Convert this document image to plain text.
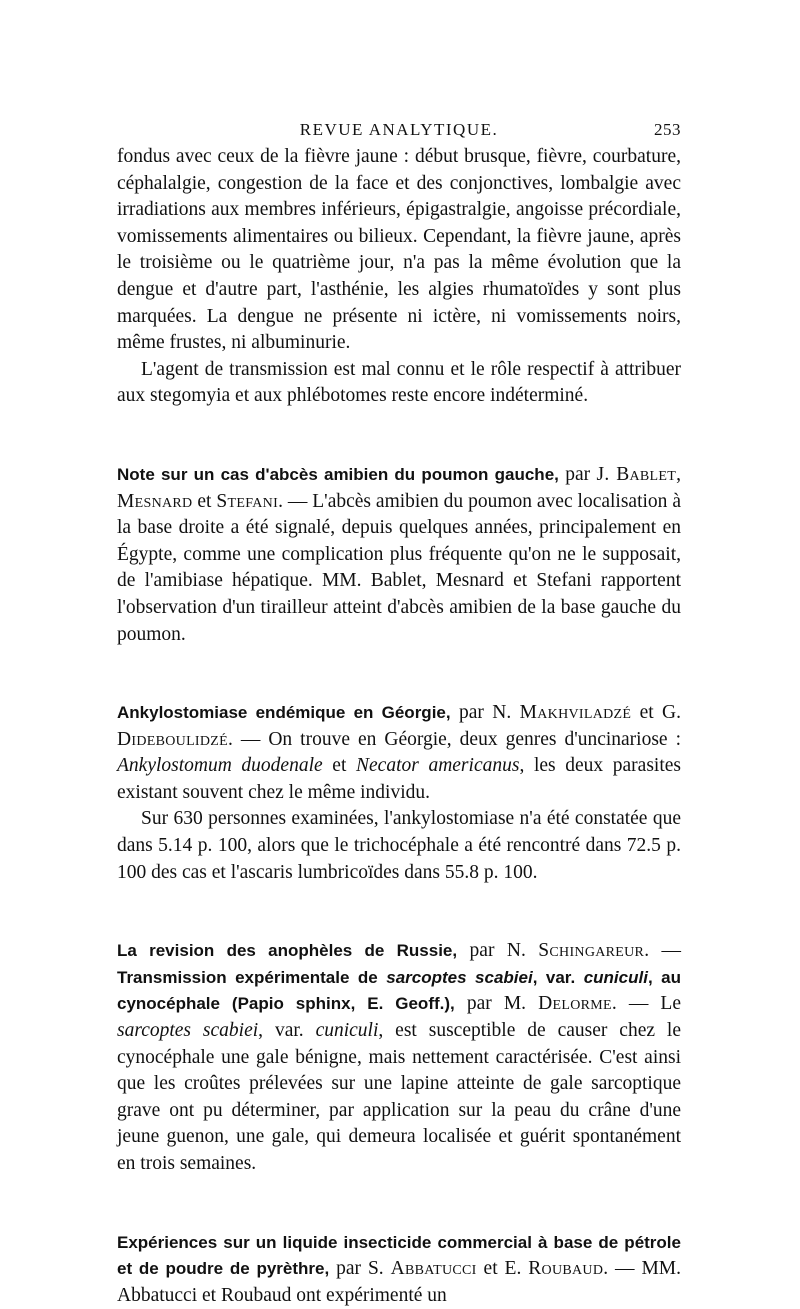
REVUE ANALYTIQUE.	253

fondus avec ceux de la fièvre jaune : début brusque, fièvre, courbature, céphalalgie, congestion de la face et des conjonctives, lombalgie avec irradiations aux membres inférieurs, épigastralgie, angoisse précordiale, vomissements alimentaires ou bilieux. Cependant, la fièvre jaune, après le troisième ou le quatrième jour, n'a pas la même évolution que la dengue et d'autre part, l'asthénie, les algies rhumatoïdes y sont plus marquées. La dengue ne présente ni ictère, ni vomissements noirs, même frustes, ni albuminurie.

L'agent de transmission est mal connu et le rôle respectif à attribuer aux stegomyia et aux phlébotomes reste encore indéterminé.

Note sur un cas d'abcès amibien du poumon gauche, par J. Bablet, Mesnard et Stefani. — L'abcès amibien du poumon avec localisation à la base droite a été signalé, depuis quelques années, principalement en Égypte, comme une complication plus fréquente qu'on ne le supposait, de l'amibiase hépatique. MM. Bablet, Mesnard et Stefani rapportent l'observation d'un tirailleur atteint d'abcès amibien de la base gauche du poumon.

Ankylostomiase endémique en Géorgie, par N. Makhviladzé et G. Dideboulidzé. — On trouve en Géorgie, deux genres d'uncinariose : Ankylostomum duodenale et Necator americanus, les deux parasites existant souvent chez le même individu.

Sur 630 personnes examinées, l'ankylostomiase n'a été constatée que dans 5.14 p. 100, alors que le trichocéphale a été rencontré dans 72.5 p. 100 des cas et l'ascaris lumbricoïdes dans 55.8 p. 100.

La revision des anophèles de Russie, par N. Schingareur. — Transmission expérimentale de sarcoptes scabiei, var. cuniculi, au cynocéphale (Papio sphinx, E. Geoff.), par M. Delorme. — Le sarcoptes scabiei, var. cuniculi, est susceptible de causer chez le cynocéphale une gale bénigne, mais nettement caractérisée. C'est ainsi que les croûtes prélevées sur une lapine atteinte de gale sarcoptique grave ont pu déterminer, par application sur la peau du crâne d'une jeune guenon, une gale, qui demeura localisée et guérit spontanément en trois semaines.

Expériences sur un liquide insecticide commercial à base de pétrole et de poudre de pyrèthre, par S. Abbatucci et E. Roubaud. — MM. Abbatucci et Roubaud ont expérimenté un
